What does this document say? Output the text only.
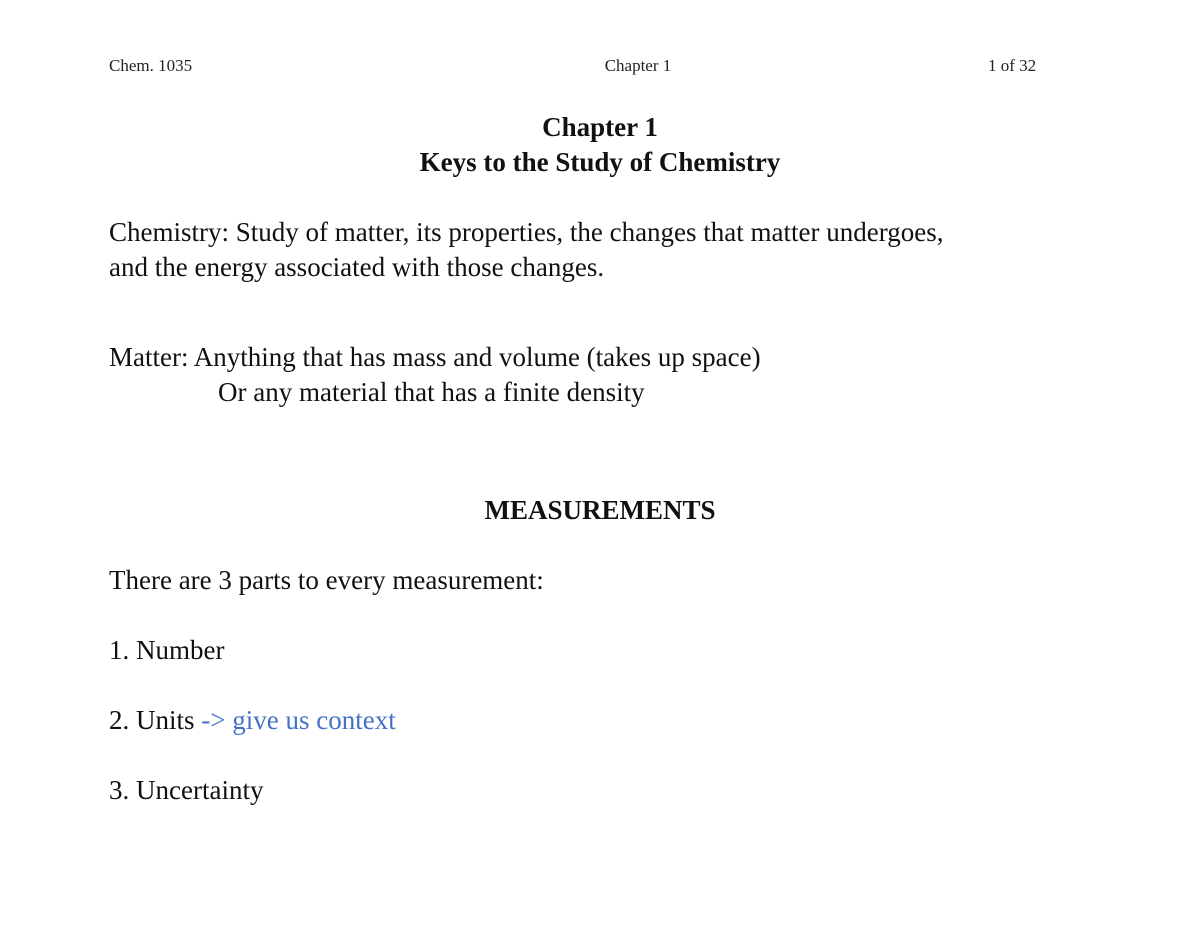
Chem. 1035	Chapter 1	1 of 32
Chapter 1
Keys to the Study of Chemistry
Chemistry: Study of matter, its properties, the changes that matter undergoes,
and the energy associated with those changes.
Matter: Anything that has mass and volume (takes up space)
Or any material that has a finite density
MEASUREMENTS
There are 3 parts to every measurement:
1. Number
2. Units -> give us context
3. Uncertainty
